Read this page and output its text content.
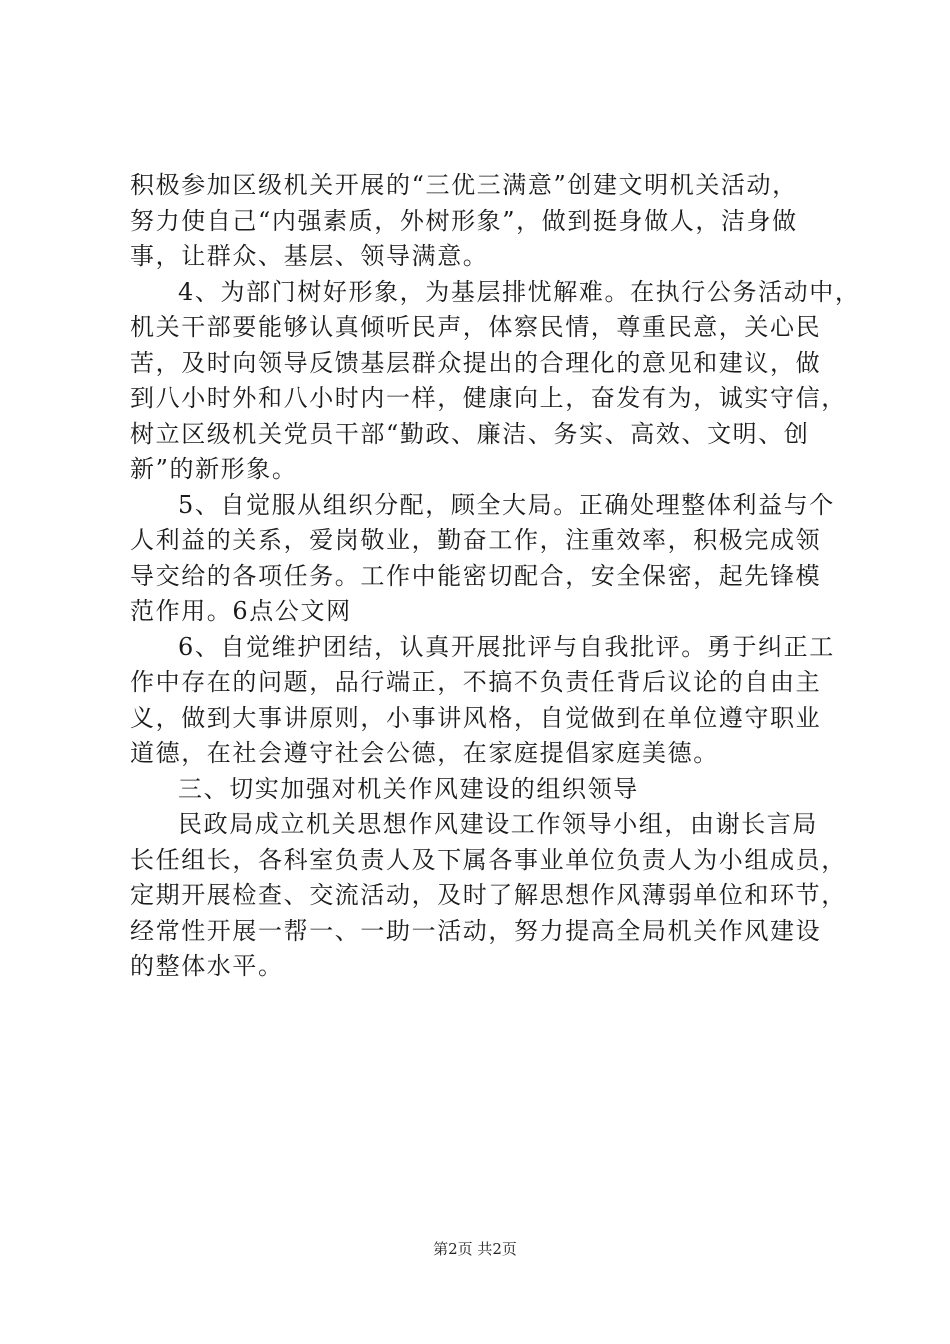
积极参加区级机关开展的“三优三满意”创建文明机关活动，
努力使自己“内强素质，外树形象”，做到挺身做人，洁身做
事，让群众、基层、领导满意。
4、为部门树好形象，为基层排忧解难。在执行公务活动中，
机关干部要能够认真倾听民声，体察民情，尊重民意，关心民
苦，及时向领导反馈基层群众提出的合理化的意见和建议，做
到八小时外和八小时内一样，健康向上，奋发有为，诚实守信，
树立区级机关党员干部“勤政、廉洁、务实、高效、文明、创
新”的新形象。
5、自觉服从组织分配，顾全大局。正确处理整体利益与个
人利益的关系，爱岗敬业，勤奋工作，注重效率，积极完成领
导交给的各项任务。工作中能密切配合，安全保密，起先锋模
范作用。6点公文网
6、自觉维护团结，认真开展批评与自我批评。勇于纠正工
作中存在的问题，品行端正，不搞不负责任背后议论的自由主
义，做到大事讲原则，小事讲风格，自觉做到在单位遵守职业
道德，在社会遵守社会公德，在家庭提倡家庭美德。
三、切实加强对机关作风建设的组织领导
民政局成立机关思想作风建设工作领导小组，由谢长言局
长任组长，各科室负责人及下属各事业单位负责人为小组成员，
定期开展检查、交流活动，及时了解思想作风薄弱单位和环节，
经常性开展一帮一、一助一活动，努力提高全局机关作风建设
的整体水平。
第2页 共2页
